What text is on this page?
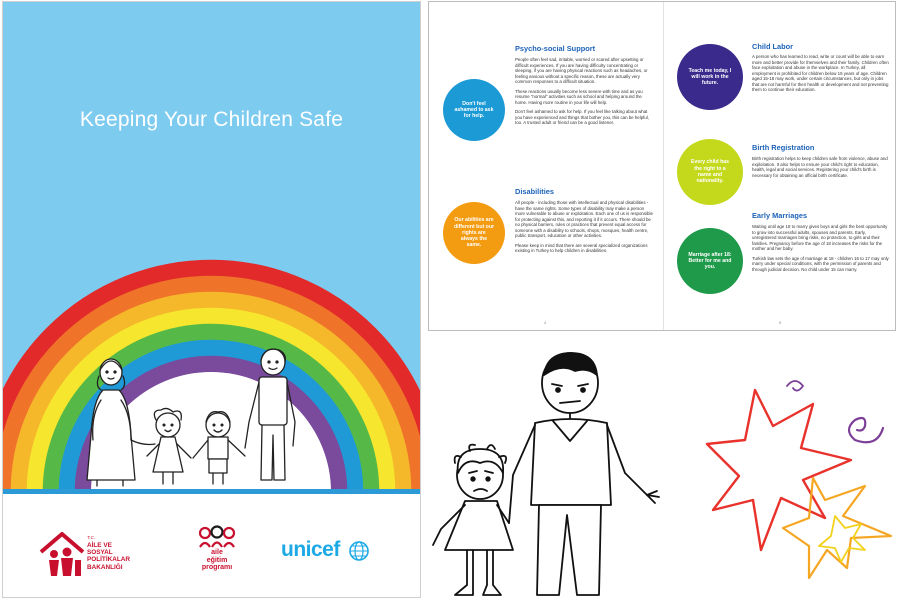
Keeping Your Children Safe
T.C.
AİLE VE
SOSYAL POLİTİKALAR
BAKANLIĞI
aile
eğitim
programı
unicef
Don't feel ashamed to ask for help.
Psycho-social Support

People often feel sad, irritable, worried or scared after upsetting or difficult experiences. If you are having difficulty concentrating or sleeping, if you are having physical reactions such as headaches, or feeling anxious without a specific reason, these are actually very common responses to a difficult situation.

These reactions usually become less severe with time and as you resume "normal" activities such as school and helping around the home. Having more routine in your life will help.

Don't feel ashamed to ask for help. If you feel like talking about what you have experienced and things that bother you, this can be helpful, too. A trusted adult or friend can be a good listener.

Our abilities are different but our rights are always the same.
Disabilities

All people - including those with intellectual and physical disabilities - have the same rights. Some types of disability may make a person more vulnerable to abuse or exploitation. Each one of us is responsible for protecting against this, and reporting it if it occurs. There should be no physical barriers, rules or practices that prevent equal access for someone with a disability to schools, shops, mosques, health centre, public transport, education or other activities.

Please keep in mind that there are several specialized organizations existing in Turkey to help children in disabilities.

4
Teach me today, I will work in the future.
Child Labor

A person who has learned to read, write or count will be able to earn more and better provide for themselves and their family. Children often face exploitation and abuse in the workplace. In Turkey, all employment is prohibited for children below 15 years of age. Children aged 15-18 may work, under certain circumstances, but only in jobs that are not harmful for their health or development and not preventing them to continue their education.

Every child has the right to a name and nationality.
Birth Registration

Birth registration helps to keep children safe from violence, abuse and exploitation. It also helps to ensure your child's right to education, health, legal and social services. Registering your child's birth is necessary for obtaining an official birth certificate.

Marriage after 18: Better for me and you.
Early Marriages

Waiting until age 18 to marry gives boys and girls the best opportunity to grow into successful adults, spouses and parents. Early, unregistered marriages bring risks, no protection, to girls and their families. Pregnancy before the age of 18 increases the risks for the mother and her baby.

Turkish law sets the age of marriage at 18 - children 16 to 17 may only marry under special conditions, with the permission of parents and through judicial decision. No child under 15 can marry.

5
